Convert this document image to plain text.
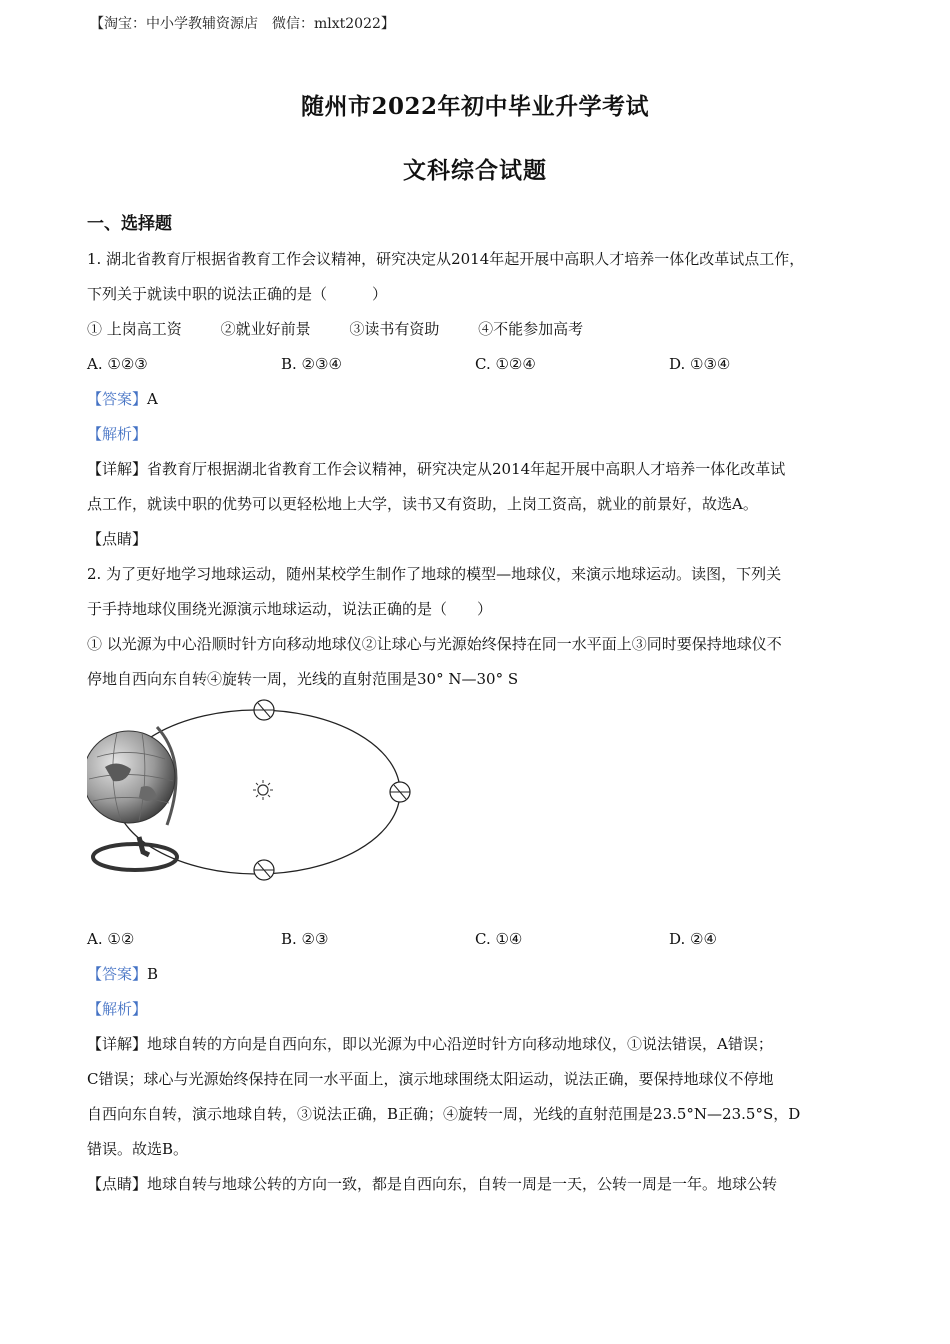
【淘宝：中小学教辅资源店　微信：mlxt2022】
随州市2022年初中毕业升学考试
文科综合试题
一、选择题
1. 湖北省教育厅根据省教育工作会议精神，研究决定从2014年起开展中高职人才培养一体化改革试点工作，
下列关于就读中职的说法正确的是（　　　）
① 上岗高工资	②就业好前景	③读书有资助	④不能参加高考
A. ①②③	B. ②③④	C. ①②④	D. ①③④
【答案】A
【解析】
【详解】省教育厅根据湖北省教育工作会议精神，研究决定从2014年起开展中高职人才培养一体化改革试
点工作，就读中职的优势可以更轻松地上大学，读书又有资助，上岗工资高，就业的前景好，故选A。
【点睛】
2. 为了更好地学习地球运动，随州某校学生制作了地球的模型—地球仪，来演示地球运动。读图，下列关
于手持地球仪围绕光源演示地球运动，说法正确的是（　　）
① 以光源为中心沿顺时针方向移动地球仪②让球心与光源始终保持在同一水平面上③同时要保持地球仪不
停地自西向东自转④旋转一周，光线的直射范围是30° N—30° S
A. ①②	B. ②③	C. ①④	D. ②④
【答案】B
【解析】
【详解】地球自转的方向是自西向东，即以光源为中心沿逆时针方向移动地球仪，①说法错误，A错误；
C错误；球心与光源始终保持在同一水平面上，演示地球围绕太阳运动，说法正确，要保持地球仪不停地
自西向东自转，演示地球自转，③说法正确，B正确；④旋转一周，光线的直射范围是23.5°N—23.5°S，D
错误。故选B。
【点睛】地球自转与地球公转的方向一致，都是自西向东，自转一周是一天，公转一周是一年。地球公转
